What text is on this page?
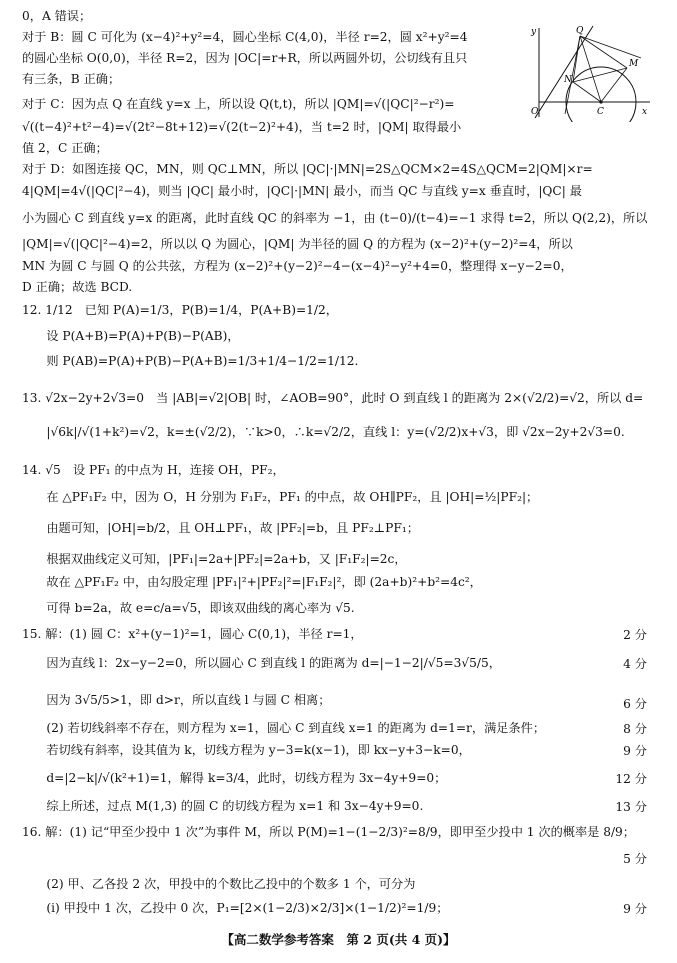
x
y
O
Q
M
N
C
0，A 错误；
对于 B：圆 C 可化为 (x−4)²+y²=4，圆心坐标 C(4,0)，半径 r=2，圆 x²+y²=4
的圆心坐标 O(0,0)，半径 R=2，因为 |OC|=r+R，所以两圆外切，公切线有且只
有三条，B 正确；
对于 C：因为点 Q 在直线 y=x 上，所以设 Q(t,t)，所以 |QM|=√(|QC|²−r²)=
√((t−4)²+t²−4)=√(2t²−8t+12)=√(2(t−2)²+4)，当 t=2 时，|QM| 取得最小
值 2，C 正确；
对于 D：如图连接 QC，MN，则 QC⊥MN，所以 |QC|·|MN|=2S△QCM×2=4S△QCM=2|QM|×r=
4|QM|=4√(|QC|²−4)，则当 |QC| 最小时，|QC|·|MN| 最小，而当 QC 与直线 y=x 垂直时，|QC| 最
小为圆心 C 到直线 y=x 的距离，此时直线 QC 的斜率为 −1，由 (t−0)/(t−4)=−1 求得 t=2，所以 Q(2,2)，所以
|QM|=√(|QC|²−4)=2，所以以 Q 为圆心，|QM| 为半径的圆 Q 的方程为 (x−2)²+(y−2)²=4，所以
MN 为圆 C 与圆 Q 的公共弦，方程为 (x−2)²+(y−2)²−4−(x−4)²−y²+4=0，整理得 x−y−2=0，
D 正确；故选 BCD.
12. 1/12　已知 P(A)=1/3，P(B)=1/4，P(A+B)=1/2，
　　设 P(A+B)=P(A)+P(B)−P(AB)，
　　则 P(AB)=P(A)+P(B)−P(A+B)=1/3+1/4−1/2=1/12.
13. √2x−2y+2√3=0　当 |AB|=√2|OB| 时，∠AOB=90°，此时 O 到直线 l 的距离为 2×(√2/2)=√2，所以 d=
　　|√6k|/√(1+k²)=√2，k=±(√2/2)，∵k>0，∴k=√2/2，直线 l：y=(√2/2)x+√3，即 √2x−2y+2√3=0.
14. √5　设 PF₁ 的中点为 H，连接 OH，PF₂，
　　在 △PF₁F₂ 中，因为 O，H 分别为 F₁F₂，PF₁ 的中点，故 OH∥PF₂，且 |OH|=½|PF₂|；
　　由题可知，|OH|=b/2，且 OH⊥PF₁，故 |PF₂|=b，且 PF₂⊥PF₁；
　　根据双曲线定义可知，|PF₁|=2a+|PF₂|=2a+b，又 |F₁F₂|=2c，
　　故在 △PF₁F₂ 中，由勾股定理 |PF₁|²+|PF₂|²=|F₁F₂|²，即 (2a+b)²+b²=4c²，
　　可得 b=2a，故 e=c/a=√5，即该双曲线的离心率为 √5.
15. 解：(1) 圆 C：x²+(y−1)²=1，圆心 C(0,1)，半径 r=1，	2 分
　　因为直线 l：2x−y−2=0，所以圆心 C 到直线 l 的距离为 d=|−1−2|/√5=3√5/5，	4 分
　　因为 3√5/5>1，即 d>r，所以直线 l 与圆 C 相离；	6 分
　　(2) 若切线斜率不存在，则方程为 x=1，圆心 C 到直线 x=1 的距离为 d=1=r，满足条件；	8 分
　　若切线有斜率，设其值为 k，切线方程为 y−3=k(x−1)，即 kx−y+3−k=0，	9 分
　　d=|2−k|/√(k²+1)=1，解得 k=3/4，此时，切线方程为 3x−4y+9=0；	12 分
　　综上所述，过点 M(1,3) 的圆 C 的切线方程为 x=1 和 3x−4y+9=0.	13 分
16. 解：(1) 记“甲至少投中 1 次”为事件 M，所以 P(M)=1−(1−2/3)²=8/9，即甲至少投中 1 次的概率是 8/9；
5 分
　　(2) 甲、乙各投 2 次，甲投中的个数比乙投中的个数多 1 个，可分为
　　(i) 甲投中 1 次，乙投中 0 次，P₁=[2×(1−2/3)×2/3]×(1−1/2)²=1/9；	9 分
【高二数学参考答案　第 2 页(共 4 页)】
